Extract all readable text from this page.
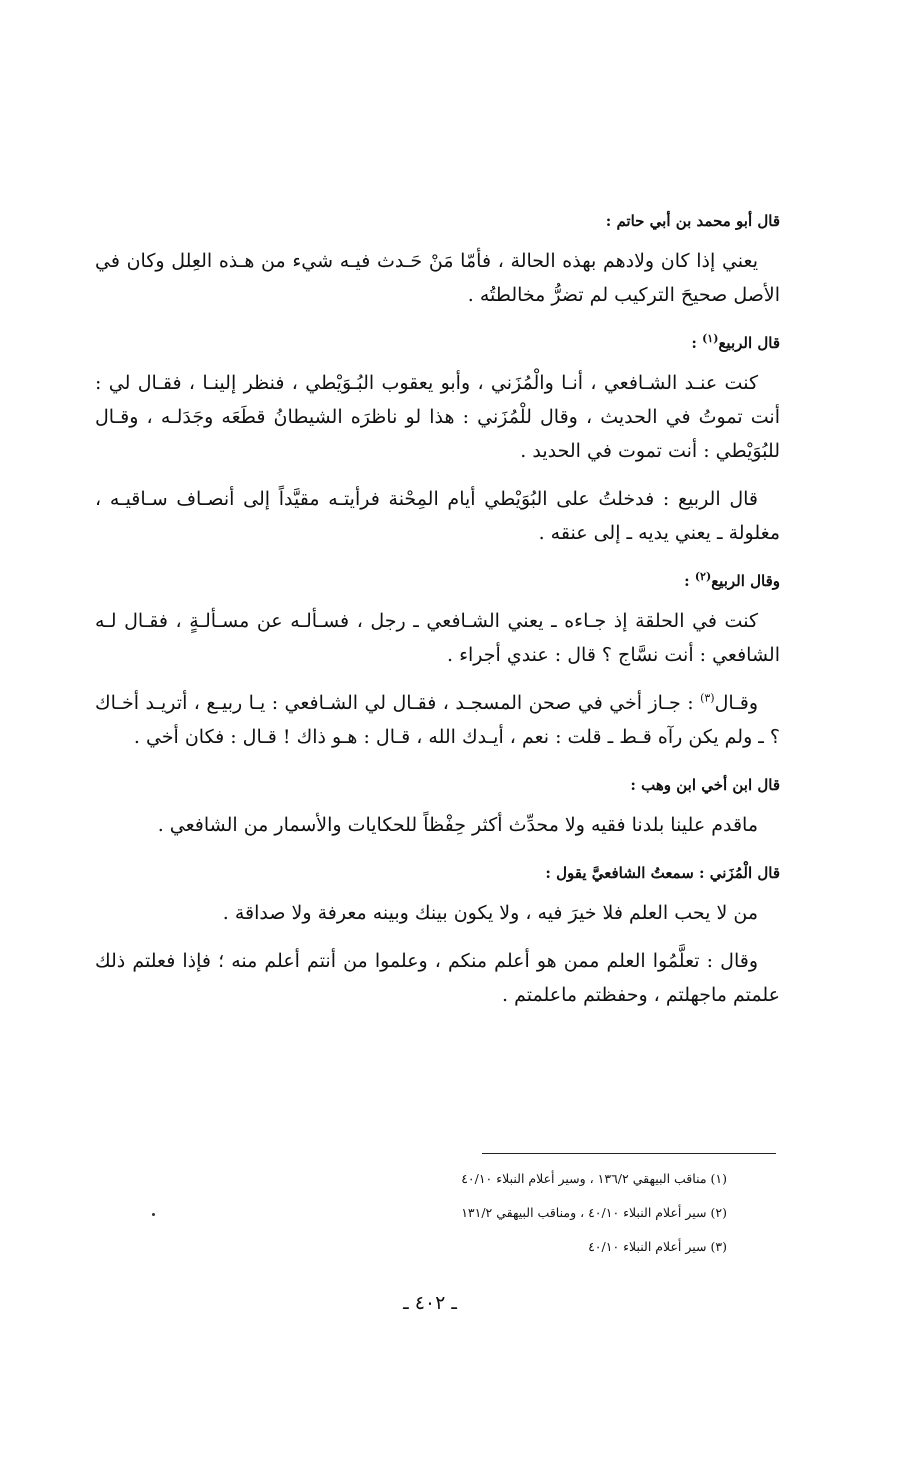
قال أبو محمد بن أبي حاتم :

يعني إذا كان ولادهم بهذه الحالة ، فأمّا مَنْ حَـدث فيـه شيء من هـذه العِلل وكان في الأصل صحيحَ التركيب لم تضرُّ مخالطتُه .

قال الربيع$^{(١)}$ :

كنت عنـد الشـافعي ، أنـا والْمُزَني ، وأبو يعقوب البُـوَيْطي ، فنظر إلينـا ، فقـال لي : أنت تموتُ في الحديث ، وقال للْمُزَني : هذا لو ناظرَه الشيطانُ قطَعَه وجَدَلـه ، وقـال للبُوَيْطي : أنت تموت في الحديد .

قال الربيع : فدخلتُ على البُوَيْطي أيام المِحْنة فرأيتـه مقيَّداً إلى أنصـاف سـاقيـه ، مغلولة ـ يعني يديه ـ إلى عنقه .

وقال الربيع$^{(٢)}$ :

كنت في الحلقة إذ جـاءه ـ يعني الشـافعي ـ رجل ، فسـألـه عن مسـألـةٍ ، فقـال لـه الشافعي : أنت نسَّاج ؟ قال : عندي أجراء .

وقـال$^{(٣)}$ : جـاز أخي في صحن المسجـد ، فقـال لي الشـافعي : يـا ربيـع ، أتريـد أخـاك ؟ ـ ولم يكن رآه قـط ـ قلت : نعم ، أيـدك الله ، قـال : هـو ذاك ! قـال : فكان أخي .

قال ابن أخي ابن وهب :

ماقدم علينا بلدنا فقيه ولا محدِّث أكثر حِفْظاً للحكايات والأسمار من الشافعي .

قال الْمُزَني : سمعتُ الشافعيَّ يقول :

من لا يحب العلم فلا خيرَ فيه ، ولا يكون بينك وبينه معرفة ولا صداقة .

وقال : تعلَّمُوا العلم ممن هو أعلم منكم ، وعلموا من أنتم أعلم منه ؛ فإذا فعلتم ذلك علمتم ماجهلتم ، وحفظتم ماعلمتم .

(١) مناقب البيهقي ١٣٦/٢ ، وسير أعلام النبلاء ٤٠/١٠
(٢) سير أعلام النبلاء ٤٠/١٠ ، ومناقب البيهقي ١٣١/٢
(٣) سير أعلام النبلاء ٤٠/١٠
ـ ٤٠٢ ـ
